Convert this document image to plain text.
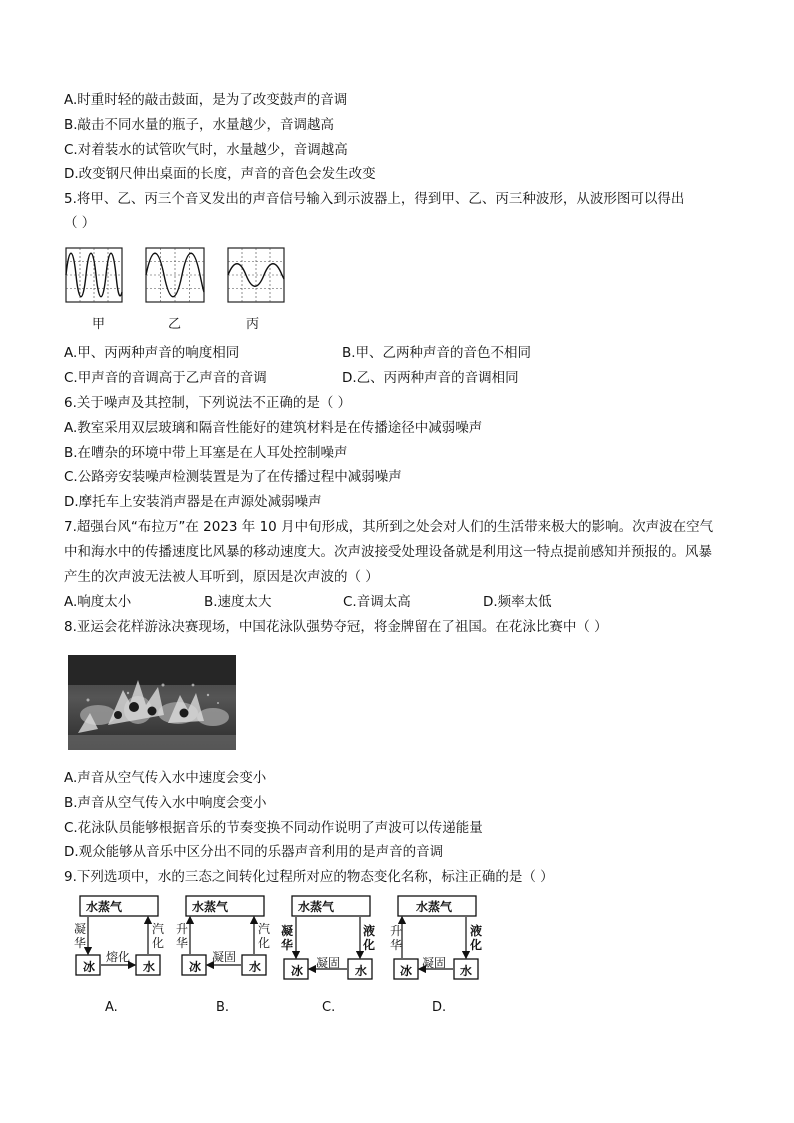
A.时重时轻的敲击鼓面，是为了改变鼓声的音调
B.敲击不同水量的瓶子，水量越少，音调越高
C.对着装水的试管吹气时，水量越少，音调越高
D.改变钢尺伸出桌面的长度，声音的音色会发生改变
5.将甲、乙、丙三个音叉发出的声音信号输入到示波器上，得到甲、乙、丙三种波形，从波形图可以得出
（ ）
甲	乙	丙
A.甲、丙两种声音的响度相同	B.甲、乙两种声音的音色不相同
C.甲声音的音调高于乙声音的音调	D.乙、丙两种声音的音调相同
6.关于噪声及其控制，下列说法不正确的是（ ）
A.教室采用双层玻璃和隔音性能好的建筑材料是在传播途径中减弱噪声
B.在嘈杂的环境中带上耳塞是在人耳处控制噪声
C.公路旁安装噪声检测装置是为了在传播过程中减弱噪声
D.摩托车上安装消声器是在声源处减弱噪声
7.超强台风“布拉万”在 2023 年 10 月中旬形成，其所到之处会对人们的生活带来极大的影响。次声波在空气
中和海水中的传播速度比风暴的移动速度大。次声波接受处理设备就是利用这一特点提前感知并预报的。风暴
产生的次声波无法被人耳听到，原因是次声波的（ ）
A.响度太小	B.速度太大	C.音调太高	D.频率太低
8.亚运会花样游泳决赛现场，中国花泳队强势夺冠，将金牌留在了祖国。在花泳比赛中（ ）
A.声音从空气传入水中速度会变小
B.声音从空气传入水中响度会变小
C.花泳队员能够根据音乐的节奏变换不同动作说明了声波可以传递能量
D.观众能够从音乐中区分出不同的乐器声音利用的是声音的音调
9.下列选项中，水的三态之间转化过程所对应的物态变化名称，标注正确的是（ ）
水蒸气
冰	水
凝华
汽化
熔化
A.
水蒸气
冰	水
升华
汽化
凝固
B.
水蒸气
冰	水
凝华
液化
凝固
C.
水蒸气
冰	水
升华
液化
凝固
D.
